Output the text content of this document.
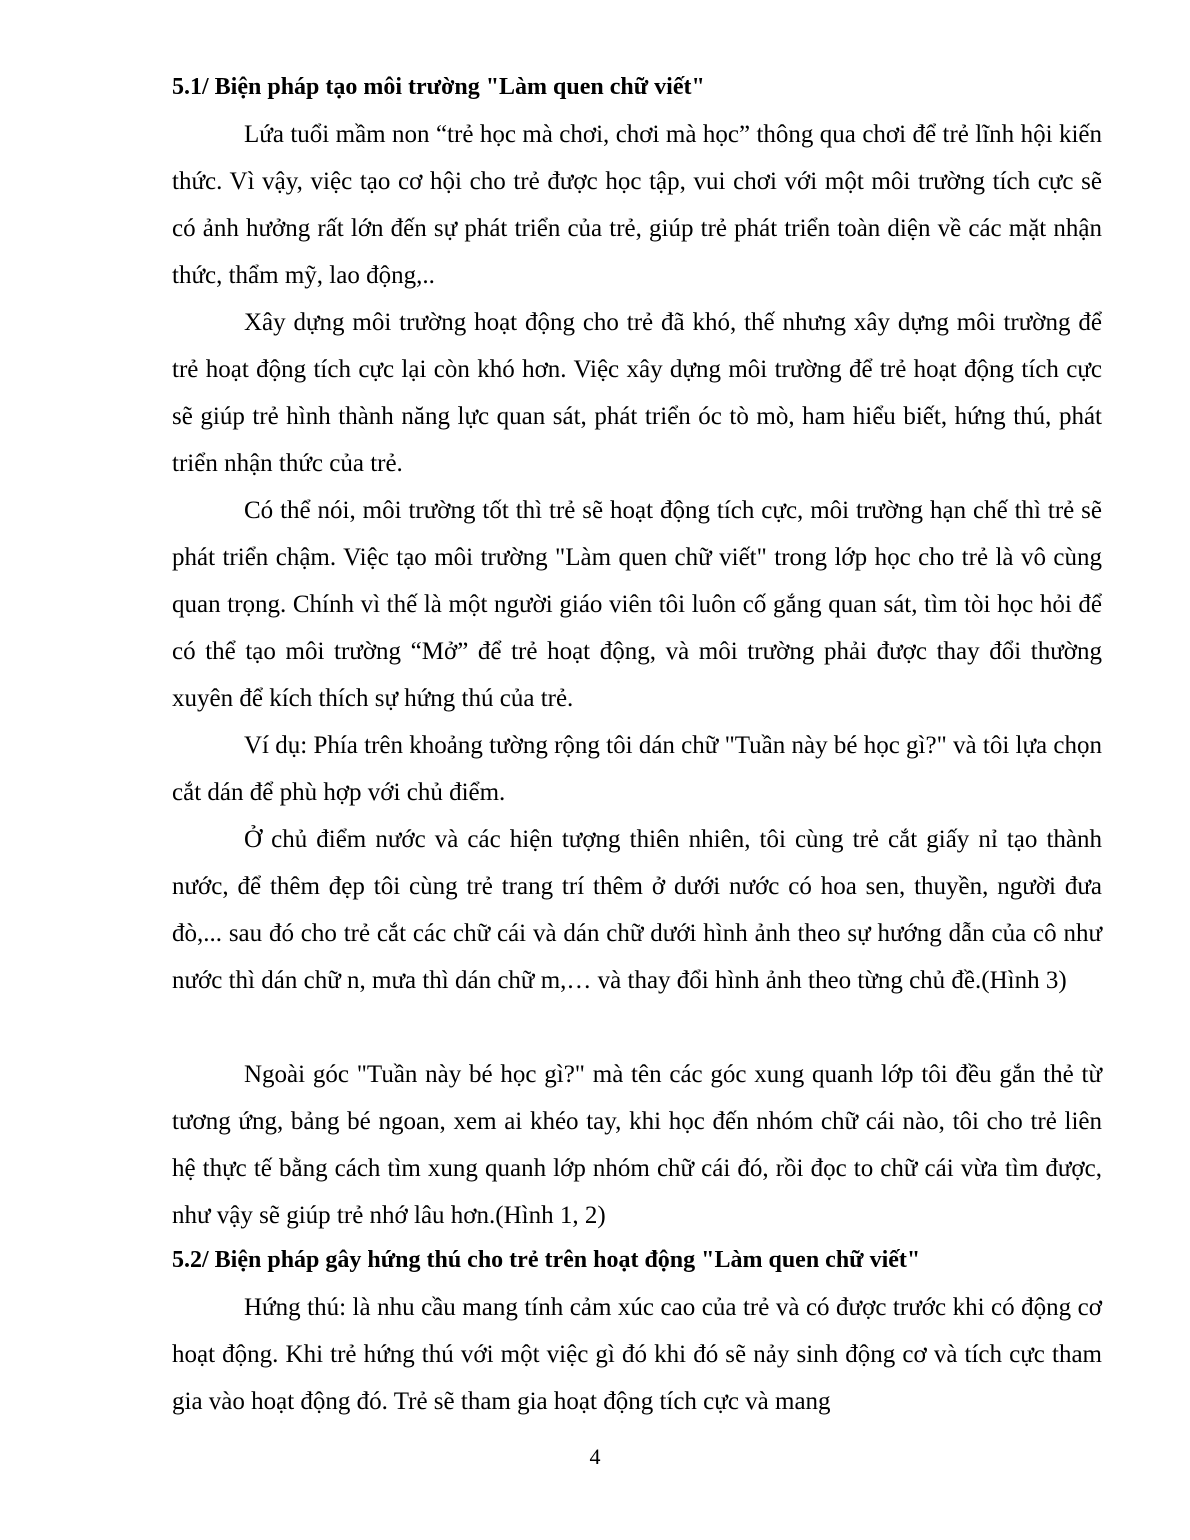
5.1/ Biện pháp tạo môi trường "Làm quen chữ viết"

Lứa tuổi mầm non “trẻ học mà chơi, chơi mà học” thông qua chơi để trẻ lĩnh hội kiến thức. Vì vậy, việc tạo cơ hội cho trẻ được học tập, vui chơi với một môi trường tích cực sẽ có ảnh hưởng rất lớn đến sự phát triển của trẻ, giúp trẻ phát triển toàn diện về các mặt nhận thức, thẩm mỹ, lao động,..

Xây dựng môi trường hoạt động cho trẻ đã khó, thế nhưng xây dựng môi trường để trẻ hoạt động tích cực lại còn khó hơn. Việc xây dựng môi trường để trẻ hoạt động tích cực sẽ giúp trẻ hình thành năng lực quan sát, phát triển óc tò mò, ham hiểu biết, hứng thú, phát triển nhận thức của trẻ.

Có thể nói, môi trường tốt thì trẻ sẽ hoạt động tích cực, môi trường hạn chế thì trẻ sẽ phát triển chậm. Việc tạo môi trường "Làm quen chữ viết" trong lớp học cho trẻ là vô cùng quan trọng. Chính vì thế là một người giáo viên tôi luôn cố gắng quan sát, tìm tòi học hỏi để có thể tạo môi trường “Mở” để trẻ hoạt động, và môi trường phải được thay đổi thường xuyên để kích thích sự hứng thú của trẻ.

Ví dụ: Phía trên khoảng tường rộng tôi dán chữ "Tuần này bé học gì?" và tôi lựa chọn cắt dán để phù hợp với chủ điểm.

Ở chủ điểm nước và các hiện tượng thiên nhiên, tôi cùng trẻ cắt giấy nỉ tạo thành nước, để thêm đẹp tôi cùng trẻ trang trí thêm ở dưới nước có hoa sen, thuyền, người đưa đò,... sau đó cho trẻ cắt các chữ cái và dán chữ dưới hình ảnh theo sự hướng dẫn của cô như nước thì dán chữ n, mưa thì dán chữ m,… và thay đổi hình ảnh theo từng chủ đề.(Hình 3)

Ngoài góc "Tuần này bé học gì?" mà tên các góc xung quanh lớp tôi đều gắn thẻ từ tương ứng, bảng bé ngoan, xem ai khéo tay, khi học đến nhóm chữ cái nào, tôi cho trẻ liên hệ thực tế bằng cách tìm xung quanh lớp nhóm chữ cái đó, rồi đọc to chữ cái vừa tìm được, như vậy sẽ giúp trẻ nhớ lâu hơn.(Hình 1, 2)

5.2/ Biện pháp gây hứng thú cho trẻ trên hoạt động "Làm quen chữ viết"

Hứng thú: là nhu cầu mang tính cảm xúc cao của trẻ và có được trước khi có động cơ hoạt động. Khi trẻ hứng thú với một việc gì đó khi đó sẽ nảy sinh động cơ và tích cực tham gia vào hoạt động đó. Trẻ sẽ tham gia hoạt động tích cực và mang

4
